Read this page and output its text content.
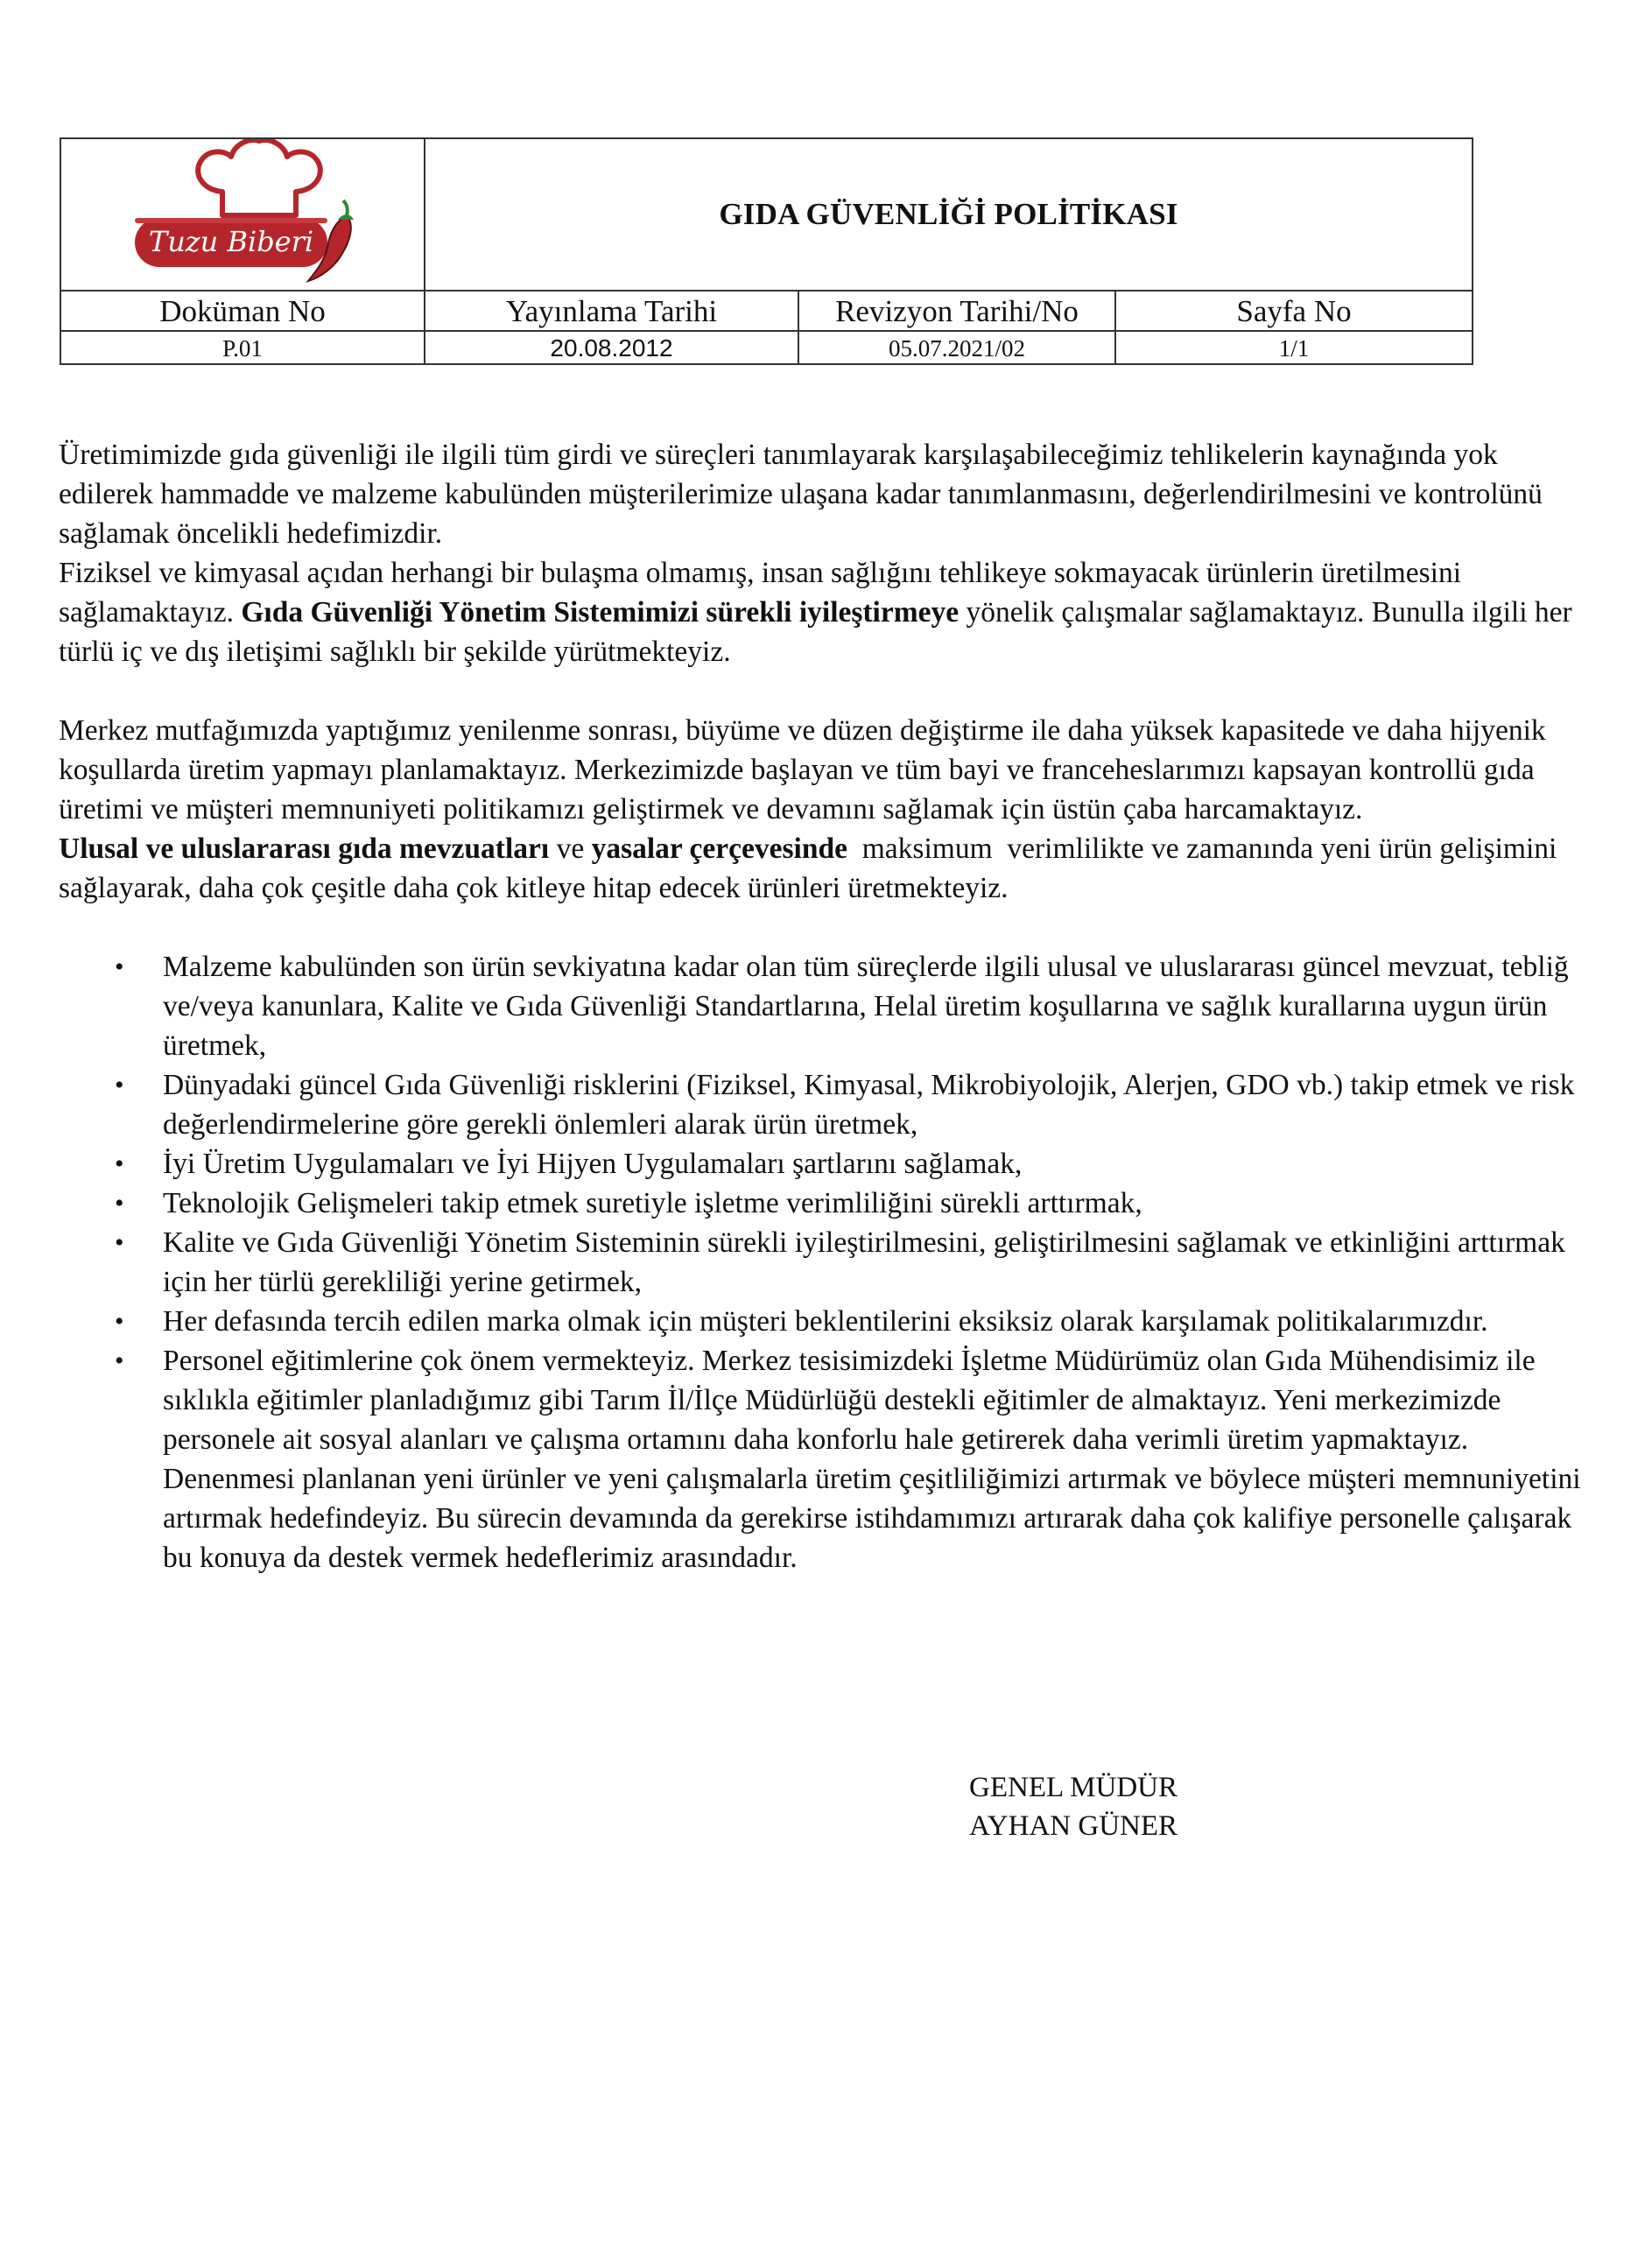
Tuzu Biberi
GIDA GÜVENLİĞİ POLİTİKASI
Doküman No	Yayınlama Tarihi	Revizyon Tarihi/No	Sayfa No
P.01	20.08.2012	05.07.2021/02	1/1

Üretimimizde gıda güvenliği ile ilgili tüm girdi ve süreçleri tanımlayarak karşılaşabileceğimiz tehlikelerin kaynağında yok edilerek hammadde ve malzeme kabulünden müşterilerimize ulaşana kadar tanımlanmasını, değerlendirilmesini ve kontrolünü sağlamak öncelikli hedefimizdir.

Fiziksel ve kimyasal açıdan herhangi bir bulaşma olmamış, insan sağlığını tehlikeye sokmayacak ürünlerin üretilmesini sağlamaktayız. Gıda Güvenliği Yönetim Sistemimizi sürekli iyileştirmeye yönelik çalışmalar sağlamaktayız. Bunulla ilgili her türlü iç ve dış iletişimi sağlıklı bir şekilde yürütmekteyiz.

Merkez mutfağımızda yaptığımız yenilenme sonrası, büyüme ve düzen değiştirme ile daha yüksek kapasitede ve daha hijyenik koşullarda üretim yapmayı planlamaktayız. Merkezimizde başlayan ve tüm bayi ve franceheslarımızı kapsayan kontrollü gıda üretimi ve müşteri memnuniyeti politikamızı geliştirmek ve devamını sağlamak için üstün çaba harcamaktayız.

Ulusal ve uluslararası gıda mevzuatları ve yasalar çerçevesinde  maksimum  verimlilikte ve zamanında yeni ürün gelişimini sağlayarak, daha çok çeşitle daha çok kitleye hitap edecek ürünleri üretmekteyiz.

• Malzeme kabulünden son ürün sevkiyatına kadar olan tüm süreçlerde ilgili ulusal ve uluslararası güncel mevzuat, tebliğ ve/veya kanunlara, Kalite ve Gıda Güvenliği Standartlarına, Helal üretim koşullarına ve sağlık kurallarına uygun ürün üretmek,
• Dünyadaki güncel Gıda Güvenliği risklerini (Fiziksel, Kimyasal, Mikrobiyolojik, Alerjen, GDO vb.) takip etmek ve risk değerlendirmelerine göre gerekli önlemleri alarak ürün üretmek,
• İyi Üretim Uygulamaları ve İyi Hijyen Uygulamaları şartlarını sağlamak,
• Teknolojik Gelişmeleri takip etmek suretiyle işletme verimliliğini sürekli arttırmak,
• Kalite ve Gıda Güvenliği Yönetim Sisteminin sürekli iyileştirilmesini, geliştirilmesini sağlamak ve etkinliğini arttırmak için her türlü gerekliliği yerine getirmek,
• Her defasında tercih edilen marka olmak için müşteri beklentilerini eksiksiz olarak karşılamak politikalarımızdır.
• Personel eğitimlerine çok önem vermekteyiz. Merkez tesisimizdeki İşletme Müdürümüz olan Gıda Mühendisimiz ile sıklıkla eğitimler planladığımız gibi Tarım İl/İlçe Müdürlüğü destekli eğitimler de almaktayız. Yeni merkezimizde personele ait sosyal alanları ve çalışma ortamını daha konforlu hale getirerek daha verimli üretim yapmaktayız. Denenmesi planlanan yeni ürünler ve yeni çalışmalarla üretim çeşitliliğimizi artırmak ve böylece müşteri memnuniyetini artırmak hedefindeyiz. Bu sürecin devamında da gerekirse istihdamımızı artırarak daha çok kalifiye personelle çalışarak bu konuya da destek vermek hedeflerimiz arasındadır.
GENEL MÜDÜR
AYHAN GÜNER
